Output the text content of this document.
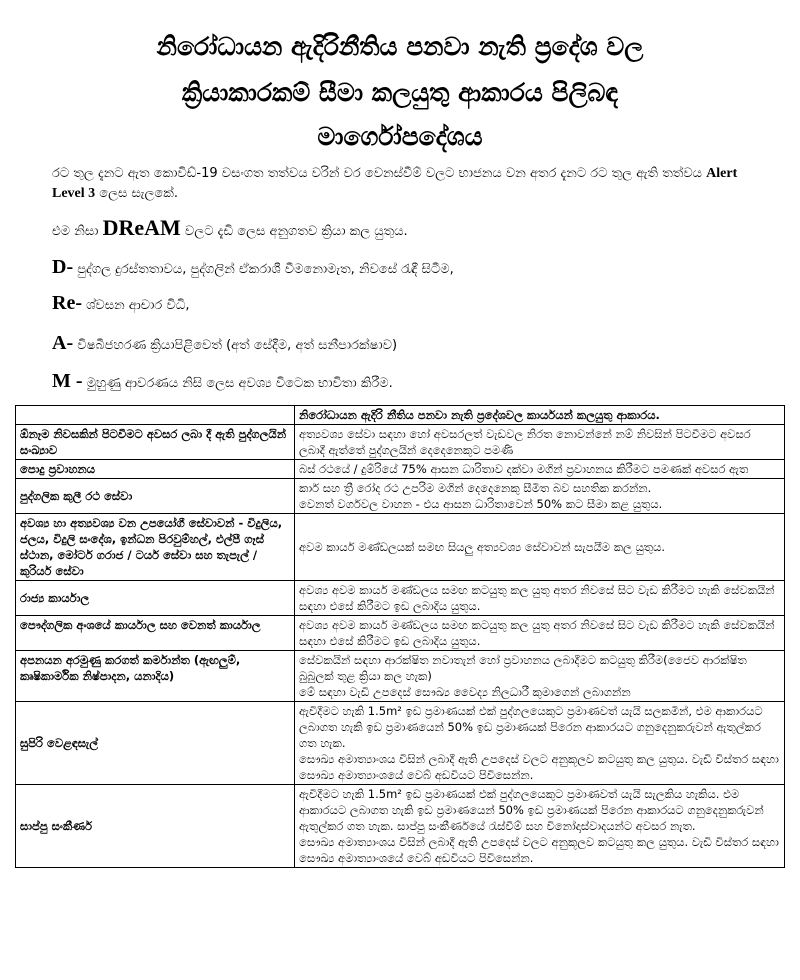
නිරෝධායන ඇදිරිනීතිය පනවා නැති ප්‍රදේශ වල
ක්‍රියාකාරකම් සීමා කලයුතු ආකාරය පිලිබඳ
මාර්ගෝපදේශය

රට තුල දැනට ඇත කොවිඩ්-19 වසංගත තත්වය වරින් වර වෙනස්වීම් වලට භාජනය වන අතර දැනට රට තුල ඇති තත්වය Alert Level 3 ලෙස සැලකේ.

එම නිසා DReAM වලට දැඩි ලෙස අනුගතව ක්‍රියා කල යුතුය.

D- පුද්ගල දුරස්තතාවය, පුද්ගලින් ඒකරාශී වීමනොමැත, නිවසේ රැඳී සිටීම,

Re- ශ්වසන ආචාර විධි,

A- විෂබීජහරණ ක්‍රියාපිළිවෙත් (අත් සේදීම, අත් සනීපාරක්ෂාව)

M - මුහුණු ආවරණය නිසි ලෙස අවශ්‍ය විටෙක භාවිතා කිරීම.

	නිරෝධායන ඇදිරි නීතිය පනවා නැති ප්‍රදේශවල කාර්යයන් කලයුතු ආකාරය.
ඕනෑම නිවසකින් පිටවීමට අවසර ලබා දී ඇති පුද්ගලයින් සංඛ්‍යාව	අත්‍යවශ්‍ය සේවා සඳහා හෝ අවසරලත් වැඩවල නිරත නොවන්නේ නම් නිවසින් පිටවීමට අවසර ලබාදී ඇත්තේ පුද්ගලයින් දෙදෙනෙකුට පමණි

පොදු ප්‍රවාහනය	බස් රථයේ / දුම්රියේ 75% ආසන ධාරිතාව දක්වා මගින් ප්‍රවාහනය කිරීමට පමණක් අවසර ඇත

පුද්ගලික කුලී රථ සේවා	කාර් සහ ත්‍රී රෝද රථ උපරිම මගින් දෙදෙනෙකු සීමිත බව සහතික කරන්න.
වෙනත් වර්ගවල වාහන - එය ආසන ධාරිතාවෙන් 50% කට සීමා කළ යුතුය.

අවශ්‍ය හා අත්‍යවශ්‍ය වන උපයෝගී සේවාවන් - විදුලිය, ජලය, විදුලි සංදේශ, ඉන්ධන පිරවුම්හල්, එල්පී ගෑස් ස්ථාන, මෝටර් ගරාජ / ටයර් සේවා සහ තැපැල් / කුරියර් සේවා	අවම කාර්ය මණ්ඩලයක් සමඟ සියලු අත්‍යවශ්‍ය සේවාවන් සැපයීම කල යුතුය.

රාජ්‍ය කාර්යාල	අවශ්‍ය අවම කාර්ය මණ්ඩලය සමඟ කටයුතු කල යුතු අතර නිවසේ සිට වැඩ කිරීමට හැකි සේවකයින් සඳහා එසේ කිරීමට ඉඩ ලබාදිය යුතුය.

පෞද්ගලික අංශයේ කාර්යාල සහ වෙනත් කාර්යාල	අවශ්‍ය අවම කාර්ය මණ්ඩලය සමඟ කටයුතු කල යුතු අතර නිවසේ සිට වැඩ කිරීමට හැකි සේවකයින් සඳහා එසේ කිරීමට ඉඩ ලබාදිය යුතුය.

අපනයන අරමුණු කරගත් කර්මාන්ත (ඇඟලුම්, කෘෂිකාර්මික නිෂ්පාදන, යනාදිය)	සේවකයින් සඳහා ආරක්ෂිත නවාතැන් හෝ ප්‍රවාහනය ලබාදීමට කටයුතු කිරීම(ජෛව ආරක්ෂිත බුබුලක් තුළ ක්‍රියා කල හැක)
මේ සඳහා වැඩි උපදෙස් සෞඛ්‍ය වෛද්‍ය නිලධාරී කුමාගෙන් ලබාගන්න

සුපිරි වෙළඳසැල්	ඇවිදීමට හැකි 1.5m² ඉඩ ප්‍රමාණයක් එක් පුද්ගලයෙකුට ප්‍රමාණවත් යැයි සලකමින්, එම ආකාරයට ලබාගත හැකි ඉඩ ප්‍රමාණයෙන් 50% ඉඩ ප්‍රමාණයක් පිරෙන ආකාරයට ගනුදෙනුකරුවන් ඇතුල්කර ගත හැක.
සෞඛ්‍ය අමාත්‍යාංශය විසින් ලබාදී ඇති උපදෙස් වලට අනුකූලව කටයුතු කල යුතුය. වැඩි විස්තර සඳහා සෞඛ්‍ය අමාත්‍යාංශයේ වෙබ් අඩවියට පිවිසෙන්න.

සාප්පු සංකීර්ණ	ඇවිදීමට හැකි 1.5m² ඉඩ ප්‍රමාණයක් එක් පුද්ගලයෙකුට ප්‍රමාණවත් යැයි සැලකිය හැකිය. එම ආකාරයට ලබාගත හැකි ඉඩ ප්‍රමාණයෙන් 50% ඉඩ ප්‍රමාණයක් පිරෙන ආකාරයට ගනුදෙනුකරුවන් ඇතුල්කර ගත හැක. සාප්පු සංකීර්ණයේ රැස්වීම් සහ විනෝදාස්වාදයන්ට අවසර නැත.
සෞඛ්‍ය අමාත්‍යාංශය විසින් ලබාදී ඇති උපදෙස් වලට අනුකූලව කටයුතු කල යුතුය. වැඩි විස්තර සඳහා සෞඛ්‍ය අමාත්‍යාංශයේ වෙබ් අඩවියට පිවිසෙන්න.
